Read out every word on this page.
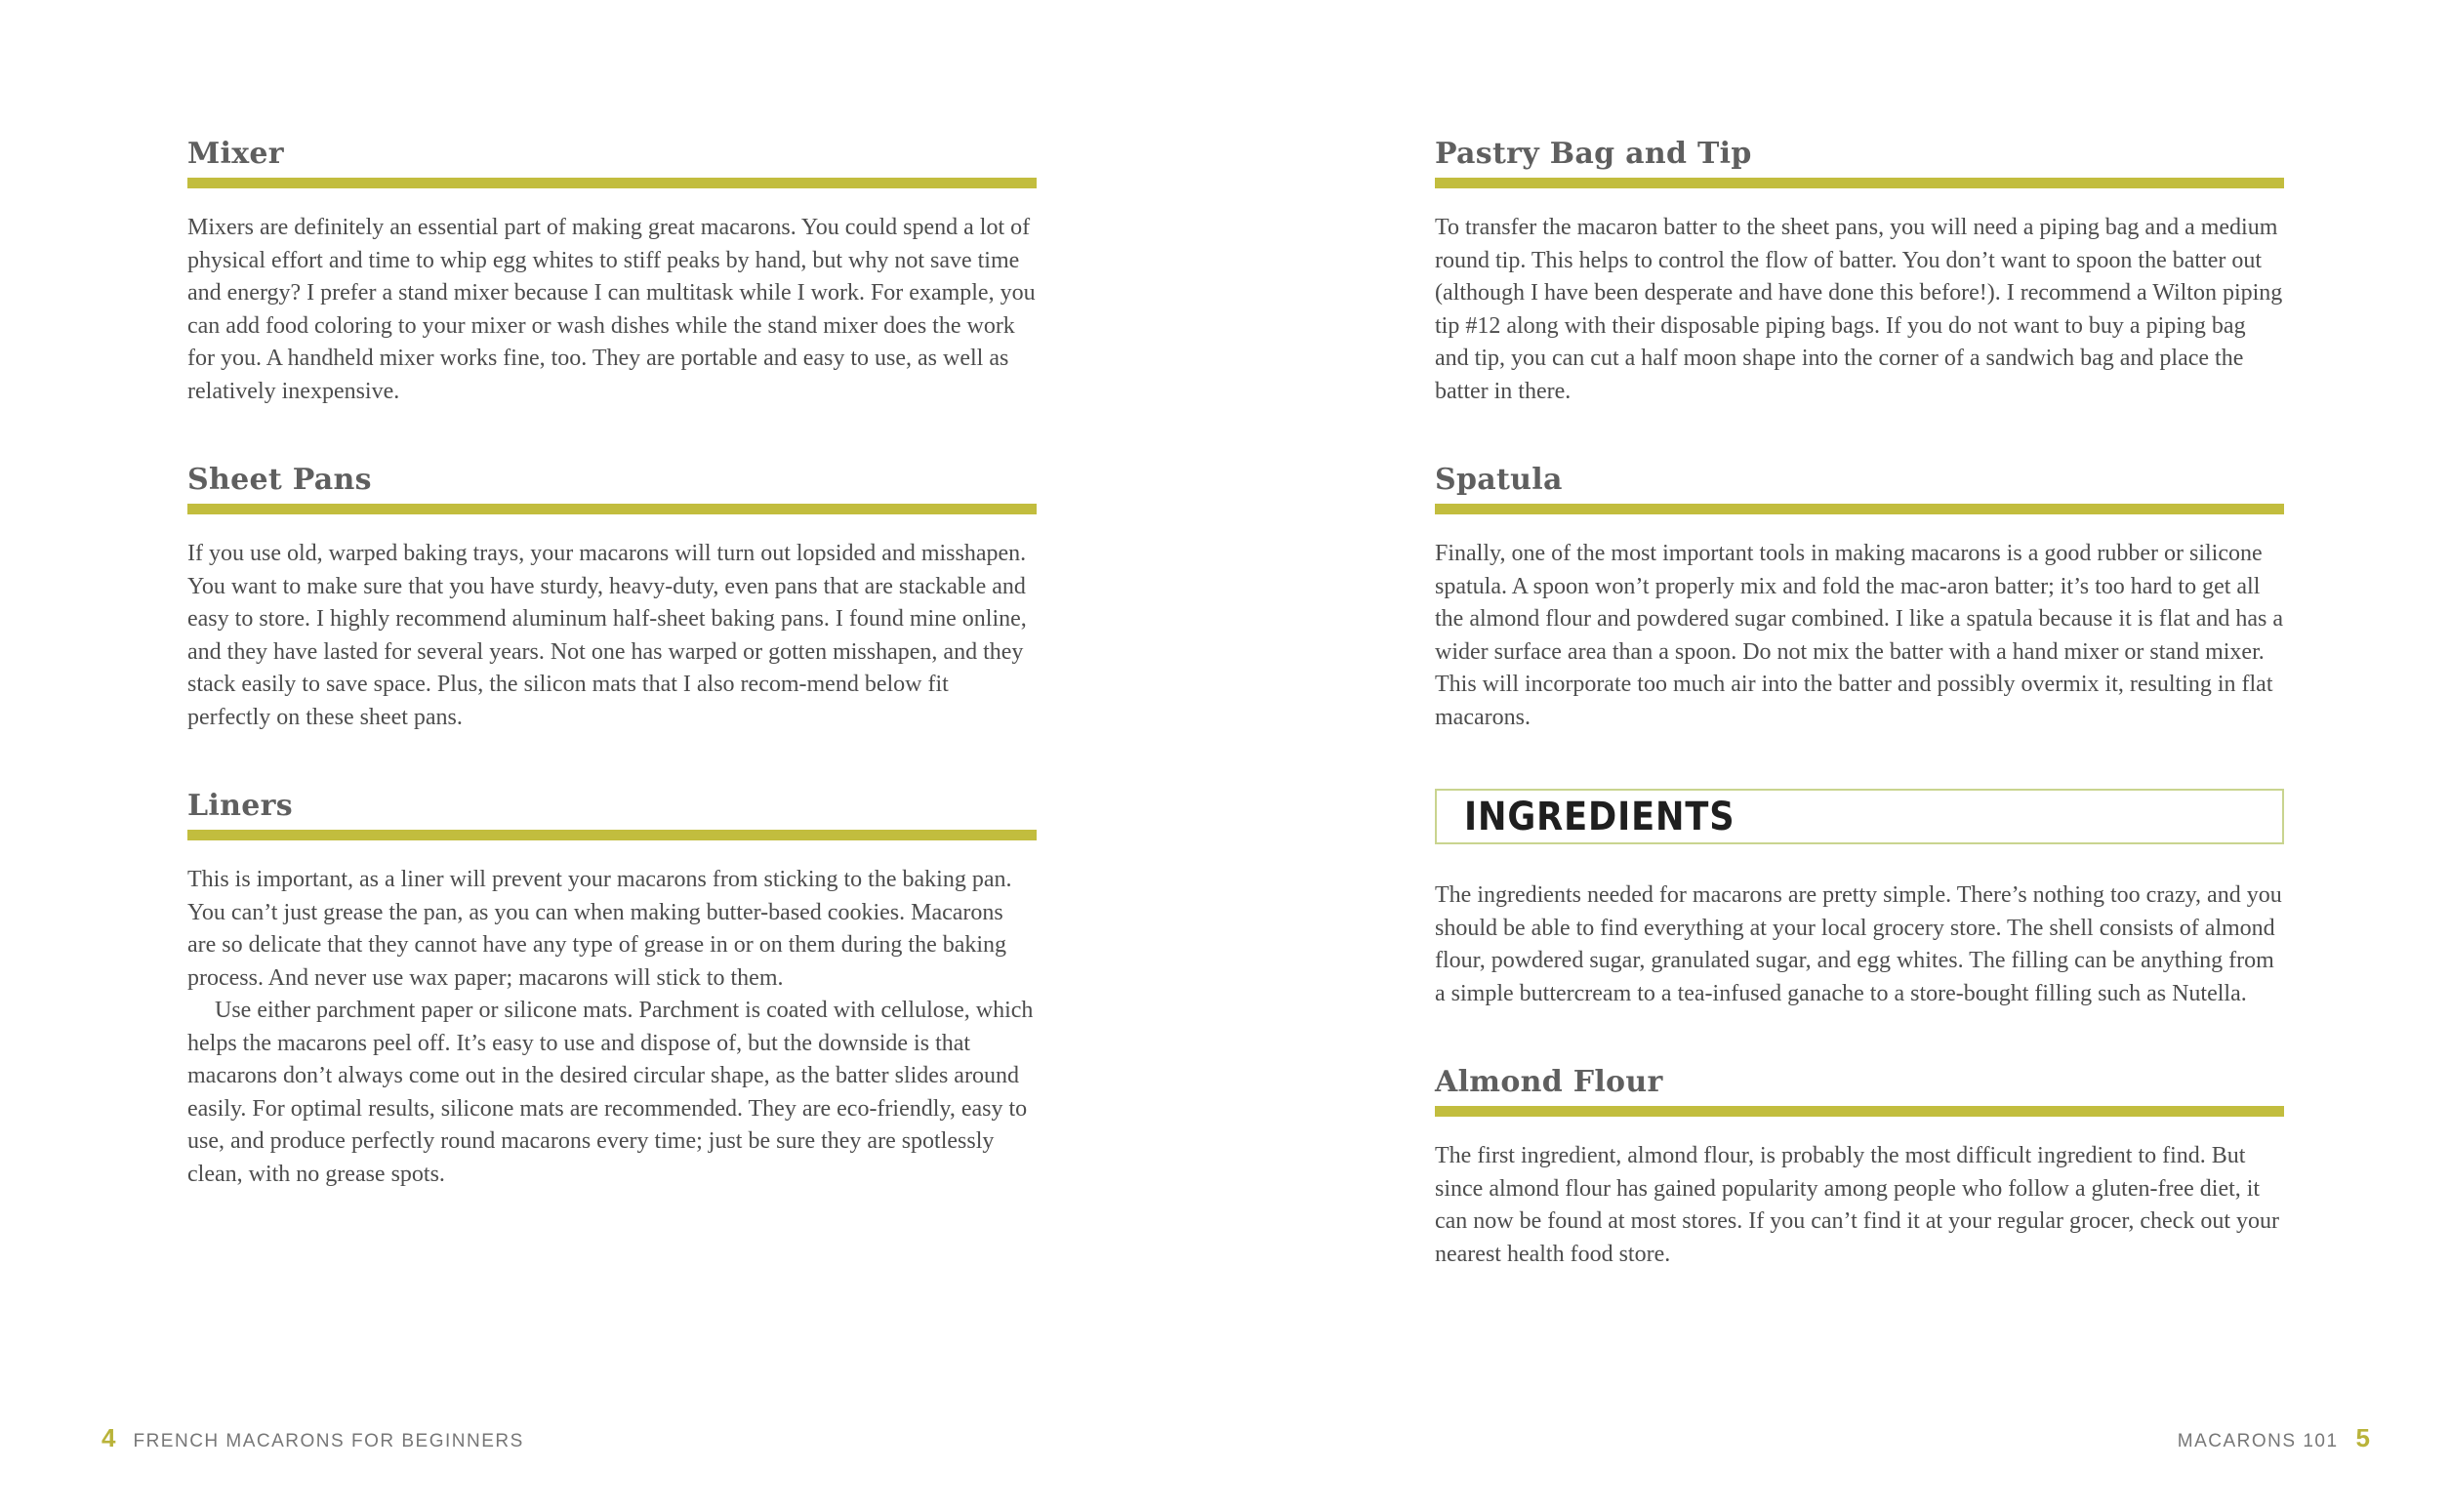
Mixer

Mixers are definitely an essential part of making great macarons. You could spend a lot of physical effort and time to whip egg whites to stiff peaks by hand, but why not save time and energy? I prefer a stand mixer because I can multitask while I work. For example, you can add food coloring to your mixer or wash dishes while the stand mixer does the work for you. A handheld mixer works fine, too. They are portable and easy to use, as well as relatively inexpensive.

Sheet Pans

If you use old, warped baking trays, your macarons will turn out lopsided and misshapen. You want to make sure that you have sturdy, heavy-duty, even pans that are stackable and easy to store. I highly recommend aluminum half-sheet baking pans. I found mine online, and they have lasted for several years. Not one has warped or gotten misshapen, and they stack easily to save space. Plus, the silicon mats that I also recom-mend below fit perfectly on these sheet pans.

Liners

This is important, as a liner will prevent your macarons from sticking to the baking pan. You can’t just grease the pan, as you can when making butter-based cookies. Macarons are so delicate that they cannot have any type of grease in or on them during the baking process. And never use wax paper; macarons will stick to them.

Use either parchment paper or silicone mats. Parchment is coated with cellulose, which helps the macarons peel off. It’s easy to use and dispose of, but the downside is that macarons don’t always come out in the desired circular shape, as the batter slides around easily. For optimal results, silicone mats are recommended. They are eco-friendly, easy to use, and produce perfectly round macarons every time; just be sure they are spotlessly clean, with no grease spots.

Pastry Bag and Tip

To transfer the macaron batter to the sheet pans, you will need a piping bag and a medium round tip. This helps to control the flow of batter. You don’t want to spoon the batter out (although I have been desperate and have done this before!). I recommend a Wilton piping tip #12 along with their disposable piping bags. If you do not want to buy a piping bag and tip, you can cut a half moon shape into the corner of a sandwich bag and place the batter in there.

Spatula

Finally, one of the most important tools in making macarons is a good rubber or silicone spatula. A spoon won’t properly mix and fold the mac-aron batter; it’s too hard to get all the almond flour and powdered sugar combined. I like a spatula because it is flat and has a wider surface area than a spoon. Do not mix the batter with a hand mixer or stand mixer. This will incorporate too much air into the batter and possibly overmix it, resulting in flat macarons.

INGREDIENTS

The ingredients needed for macarons are pretty simple. There’s nothing too crazy, and you should be able to find everything at your local grocery store. The shell consists of almond flour, powdered sugar, granulated sugar, and egg whites. The filling can be anything from a simple buttercream to a tea-infused ganache to a store-bought filling such as Nutella.

Almond Flour

The first ingredient, almond flour, is probably the most difficult ingredient to find. But since almond flour has gained popularity among people who follow a gluten-free diet, it can now be found at most stores. If you can’t find it at your regular grocer, check out your nearest health food store.

4 FRENCH MACARONS FOR BEGINNERS	MACARONS 101 5
